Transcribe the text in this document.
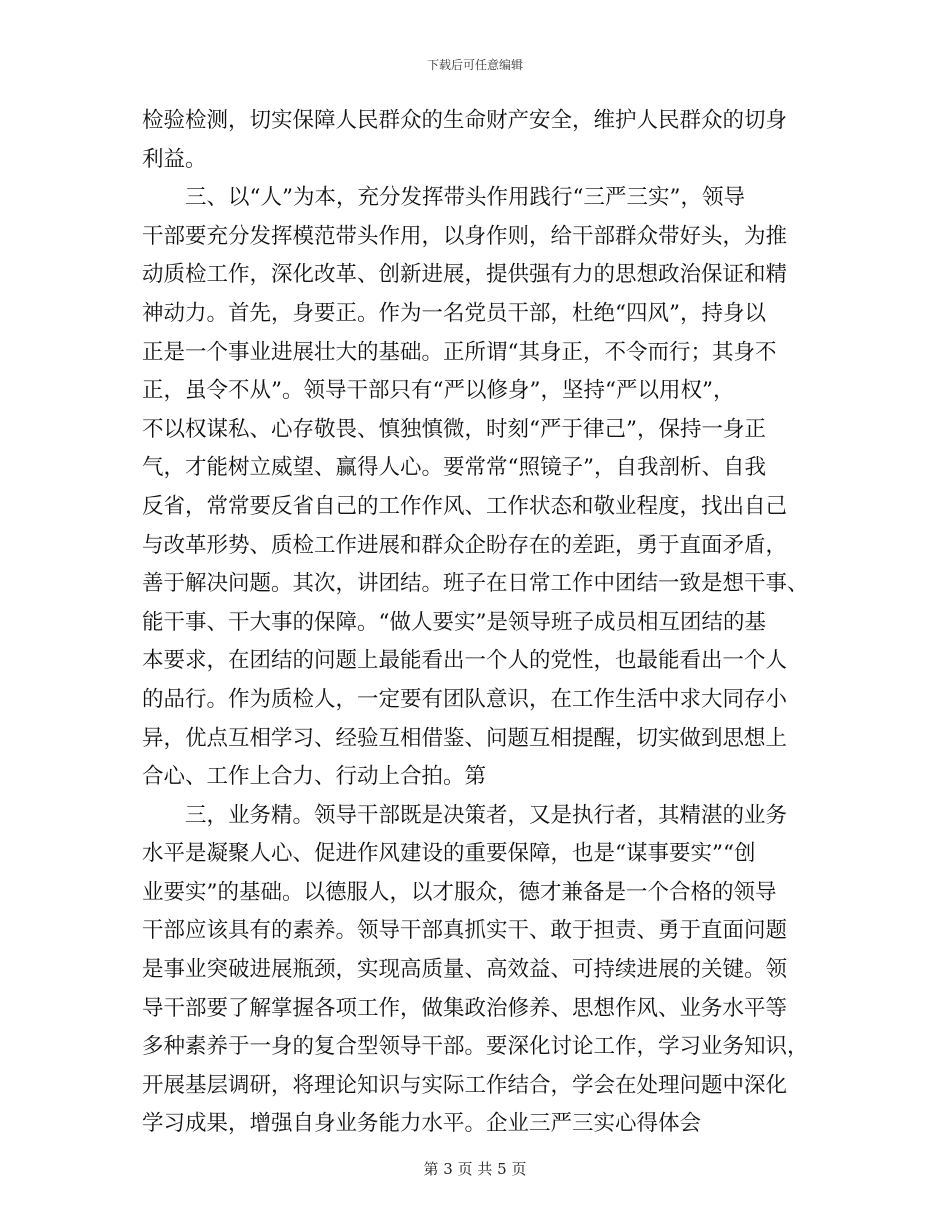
下载后可任意编辑
检验检测，切实保障人民群众的生命财产安全，维护人民群众的切身
利益。
　　三、以“人”为本，充分发挥带头作用践行“三严三实”，领导
干部要充分发挥模范带头作用，以身作则，给干部群众带好头，为推
动质检工作，深化改革、创新进展，提供强有力的思想政治保证和精
神动力。首先，身要正。作为一名党员干部，杜绝“四风”，持身以
正是一个事业进展壮大的基础。正所谓“其身正，不令而行；其身不
正，虽令不从”。领导干部只有“严以修身”，坚持“严以用权”，
不以权谋私、心存敬畏、慎独慎微，时刻“严于律己”，保持一身正
气，才能树立威望、赢得人心。要常常“照镜子”，自我剖析、自我
反省，常常要反省自己的工作作风、工作状态和敬业程度，找出自己
与改革形势、质检工作进展和群众企盼存在的差距，勇于直面矛盾，
善于解决问题。其次，讲团结。班子在日常工作中团结一致是想干事、
能干事、干大事的保障。“做人要实”是领导班子成员相互团结的基
本要求，在团结的问题上最能看出一个人的党性，也最能看出一个人
的品行。作为质检人，一定要有团队意识，在工作生活中求大同存小
异，优点互相学习、经验互相借鉴、问题互相提醒，切实做到思想上
合心、工作上合力、行动上合拍。第
　　三，业务精。领导干部既是决策者，又是执行者，其精湛的业务
水平是凝聚人心、促进作风建设的重要保障，也是“谋事要实”“创
业要实”的基础。以德服人，以才服众，德才兼备是一个合格的领导
干部应该具有的素养。领导干部真抓实干、敢于担责、勇于直面问题
是事业突破进展瓶颈，实现高质量、高效益、可持续进展的关键。领
导干部要了解掌握各项工作，做集政治修养、思想作风、业务水平等
多种素养于一身的复合型领导干部。要深化讨论工作，学习业务知识，
开展基层调研，将理论知识与实际工作结合，学会在处理问题中深化
学习成果，增强自身业务能力水平。企业三严三实心得体会
第 3 页 共 5 页
